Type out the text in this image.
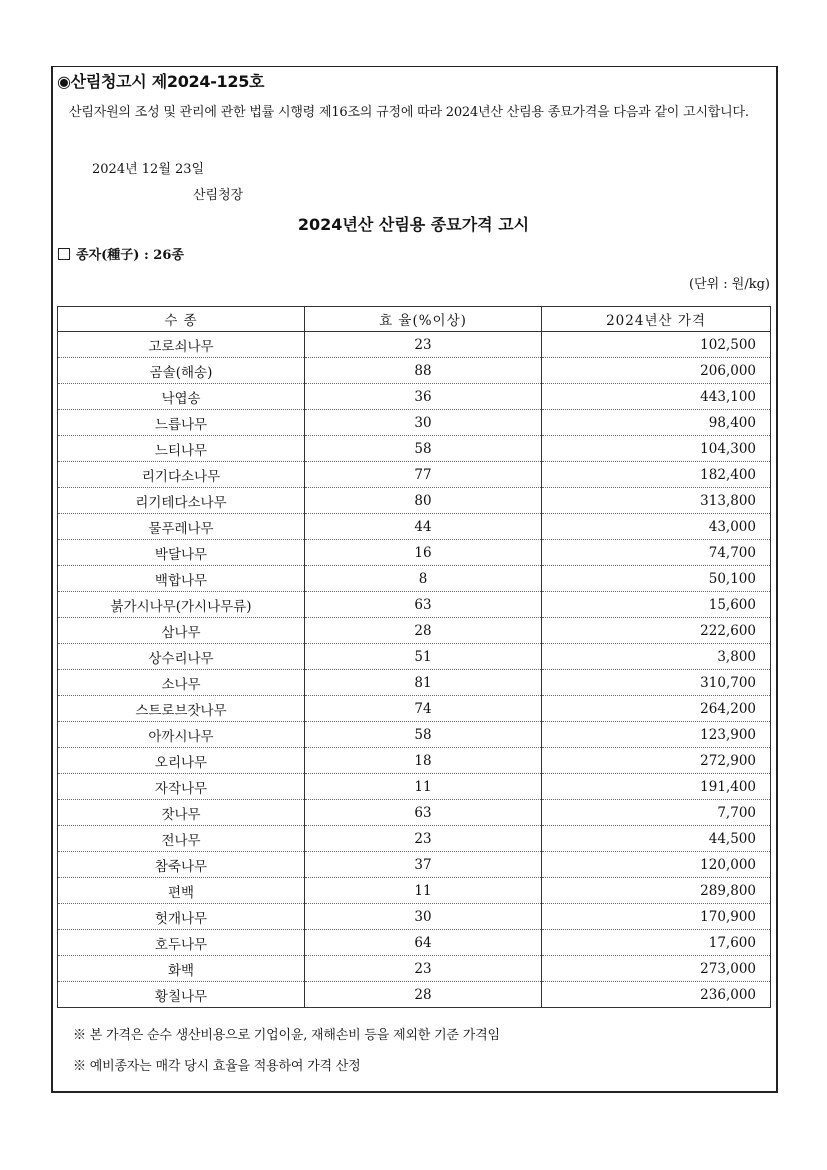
◉산림청고시 제2024-125호
산림자원의 조성 및 관리에 관한 법률 시행령 제16조의 규정에 따라 2024년산 산림용 종묘가격을 다음과 같이 고시합니다.
2024년 12월 23일
산림청장
2024년산 산림용 종묘가격 고시
종자(種子) : 26종
(단위 : 원/kg)
수 종	효 율(%이상)	2024년산 가격
고로쇠나무	23	102,500
곰솔(해송)	88	206,000
낙엽송	36	443,100
느릅나무	30	98,400
느티나무	58	104,300
리기다소나무	77	182,400
리기테다소나무	80	313,800
물푸레나무	44	43,000
박달나무	16	74,700
백합나무	8	50,100
붉가시나무(가시나무류)	63	15,600
삼나무	28	222,600
상수리나무	51	3,800
소나무	81	310,700
스트로브잣나무	74	264,200
아까시나무	58	123,900
오리나무	18	272,900
자작나무	11	191,400
잣나무	63	7,700
전나무	23	44,500
참죽나무	37	120,000
편백	11	289,800
헛개나무	30	170,900
호두나무	64	17,600
화백	23	273,000
황칠나무	28	236,000
※ 본 가격은 순수 생산비용으로 기업이윤, 재해손비 등을 제외한 기준 가격임
※ 예비종자는 매각 당시 효율을 적용하여 가격 산정
